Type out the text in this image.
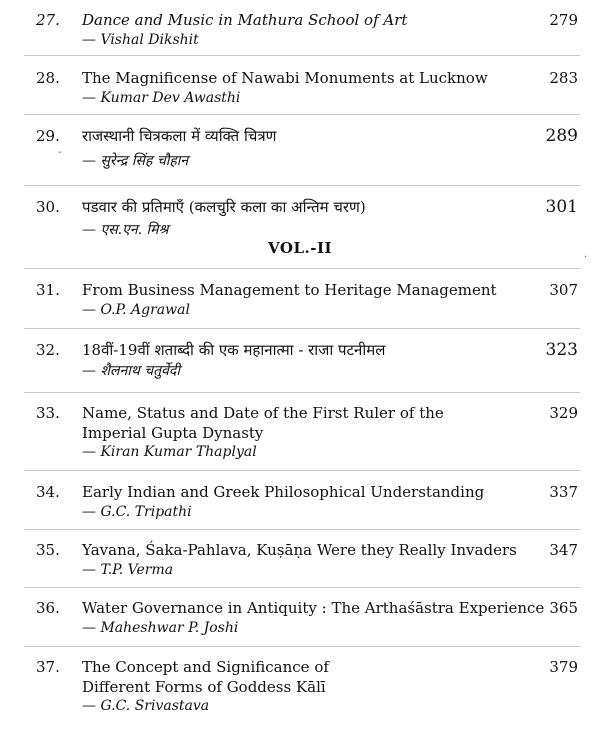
27. Dance and Music in Mathura School of Art
— Vishal Dikshit
279
28. The Magnificense of Nawabi Monuments at Lucknow
— Kumar Dev Awasthi
283
29. राजस्थानी चित्रकला में व्यक्ति चित्रण
— सुरेन्द्र सिंह चौहान
289
-
30. पडवार की प्रतिमाएँ (कलचुरि कला का अन्तिम चरण)
— एस.एन. मिश्र
301
VOL.-II
·
31. From Business Management to Heritage Management
— O.P. Agrawal
307
32. 18वीं-19वीं शताब्दी की एक महानात्मा - राजा पटनीमल
— शैलनाथ चतुर्वेदी
323
33. Name, Status and Date of the First Ruler of the
Imperial Gupta Dynasty
— Kiran Kumar Thaplyal
329
34. Early Indian and Greek Philosophical Understanding
— G.C. Tripathi
337
35. Yavana, Śaka-Pahlava, Kuṣāṇa Were they Really Invaders
— T.P. Verma
347
36. Water Governance in Antiquity : The Arthaśāstra Experience
— Maheshwar P. Joshi
365
37. The Concept and Significance of
Different Forms of Goddess Kālī
— G.C. Srivastava
379
